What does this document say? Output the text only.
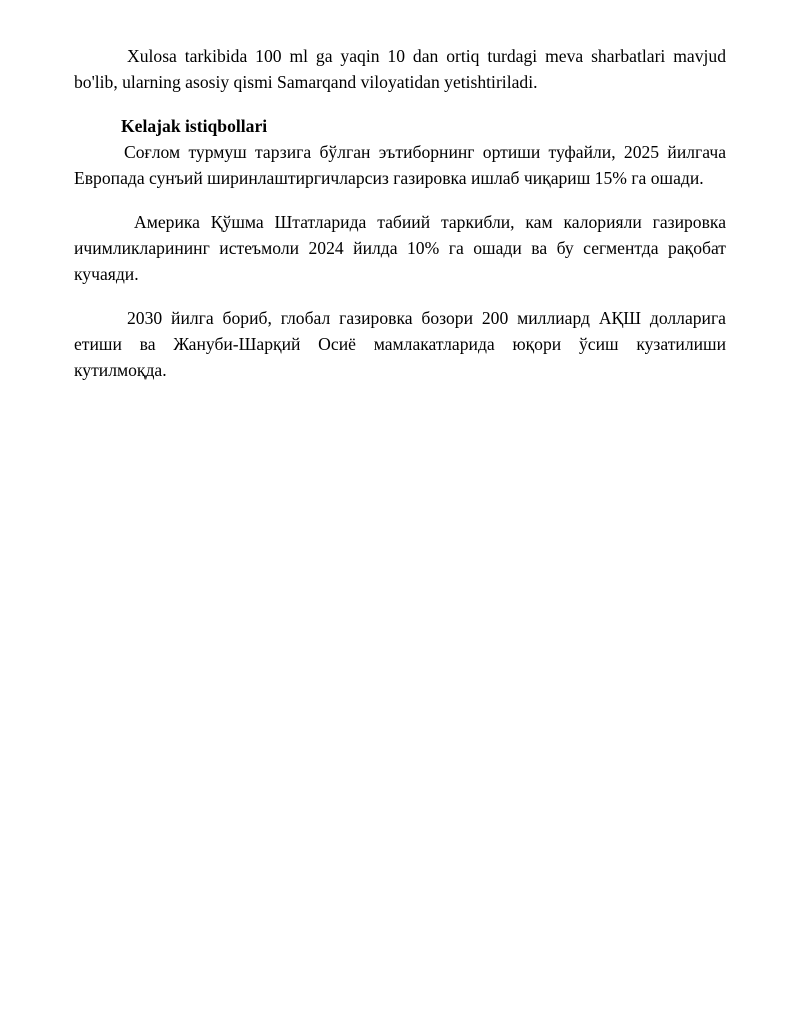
Xulosa tarkibida 100 ml ga yaqin 10 dan ortiq turdagi meva sharbatlari mavjud bo'lib, ularning asosiy qismi Samarqand viloyatidan yetishtiriladi.

Kelajak istiqbollari

Соғлом турмуш тарзига бўлган эътиборнинг ортиши туфайли, 2025 йилгача Европада сунъий ширинлаштиргичларсиз газировка ишлаб чиқариш 15% га ошади.

Америка Қўшма Штатларида табиий таркибли, кам калорияли газировка ичимликларининг истеъмоли 2024 йилда 10% га ошади ва бу сегментда рақобат кучаяди.

2030 йилга бориб, глобал газировка бозори 200 миллиард АҚШ долларига етиши ва Жануби-Шарқий Осиё мамлакатларида юқори ўсиш кузатилиши кутилмоқда.
